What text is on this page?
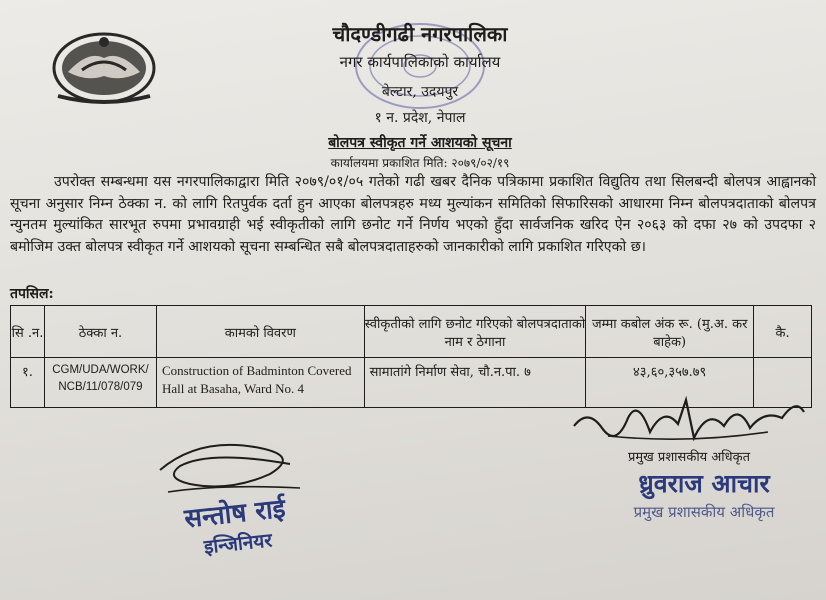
चौदण्डीगढी नगरपालिका
नगर कार्यपालिकाको कार्यालय
बेल्टार, उदयपुर
१ न. प्रदेश, नेपाल
बोलपत्र स्वीकृत गर्ने आशयको सूचना
कार्यालयमा प्रकाशित मिति: २०७९/०२/१९

उपरोक्त सम्बन्धमा यस नगरपालिकाद्वारा मिति २०७९/०१/०५ गतेको गढी खबर दैनिक पत्रिकामा प्रकाशित विद्युतिय तथा सिलबन्दी बोलपत्र आह्वानको सूचना अनुसार निम्न ठेक्का न. को लागि रितपुर्वक दर्ता हुन आएका बोलपत्रहरु मध्य मुल्यांकन समितिको सिफारिसको आधारमा निम्न बोलपत्रदाताको बोलपत्र न्युनतम मुल्यांकित सारभूत रुपमा प्रभावग्राही भई स्वीकृतीको लागि छनोट गर्ने निर्णय भएको हुँदा सार्वजनिक खरिद ऐन २०६३ को दफा २७ को उपदफा २ बमोजिम उक्त बोलपत्र स्वीकृत गर्ने आशयको सूचना सम्बन्धित सबै बोलपत्रदाताहरुको जानकारीको लागि प्रकाशित गरिएको छ।

तपसिल:
सि .न.	ठेक्का न.	कामको विवरण	स्वीकृतीको लागि छनोट गरिएको बोलपत्रदाताको नाम र ठेगाना	जम्मा कबोल अंक रू. (मु.अ. कर बाहेक)	कै.
१.	CGM/UDA/WORK/ NCB/11/078/079	Construction of Badminton Covered Hall at Basaha, Ward No. 4	सामातांगे निर्माण सेवा, चौ.न.पा. ७	४३,६०,३५७.७९	
प्रमुख प्रशासकीय अधिकृत
ध्रुवराज आचार
प्रमुख प्रशासकीय अधिकृत
सन्तोष राई
इन्जिनियर
